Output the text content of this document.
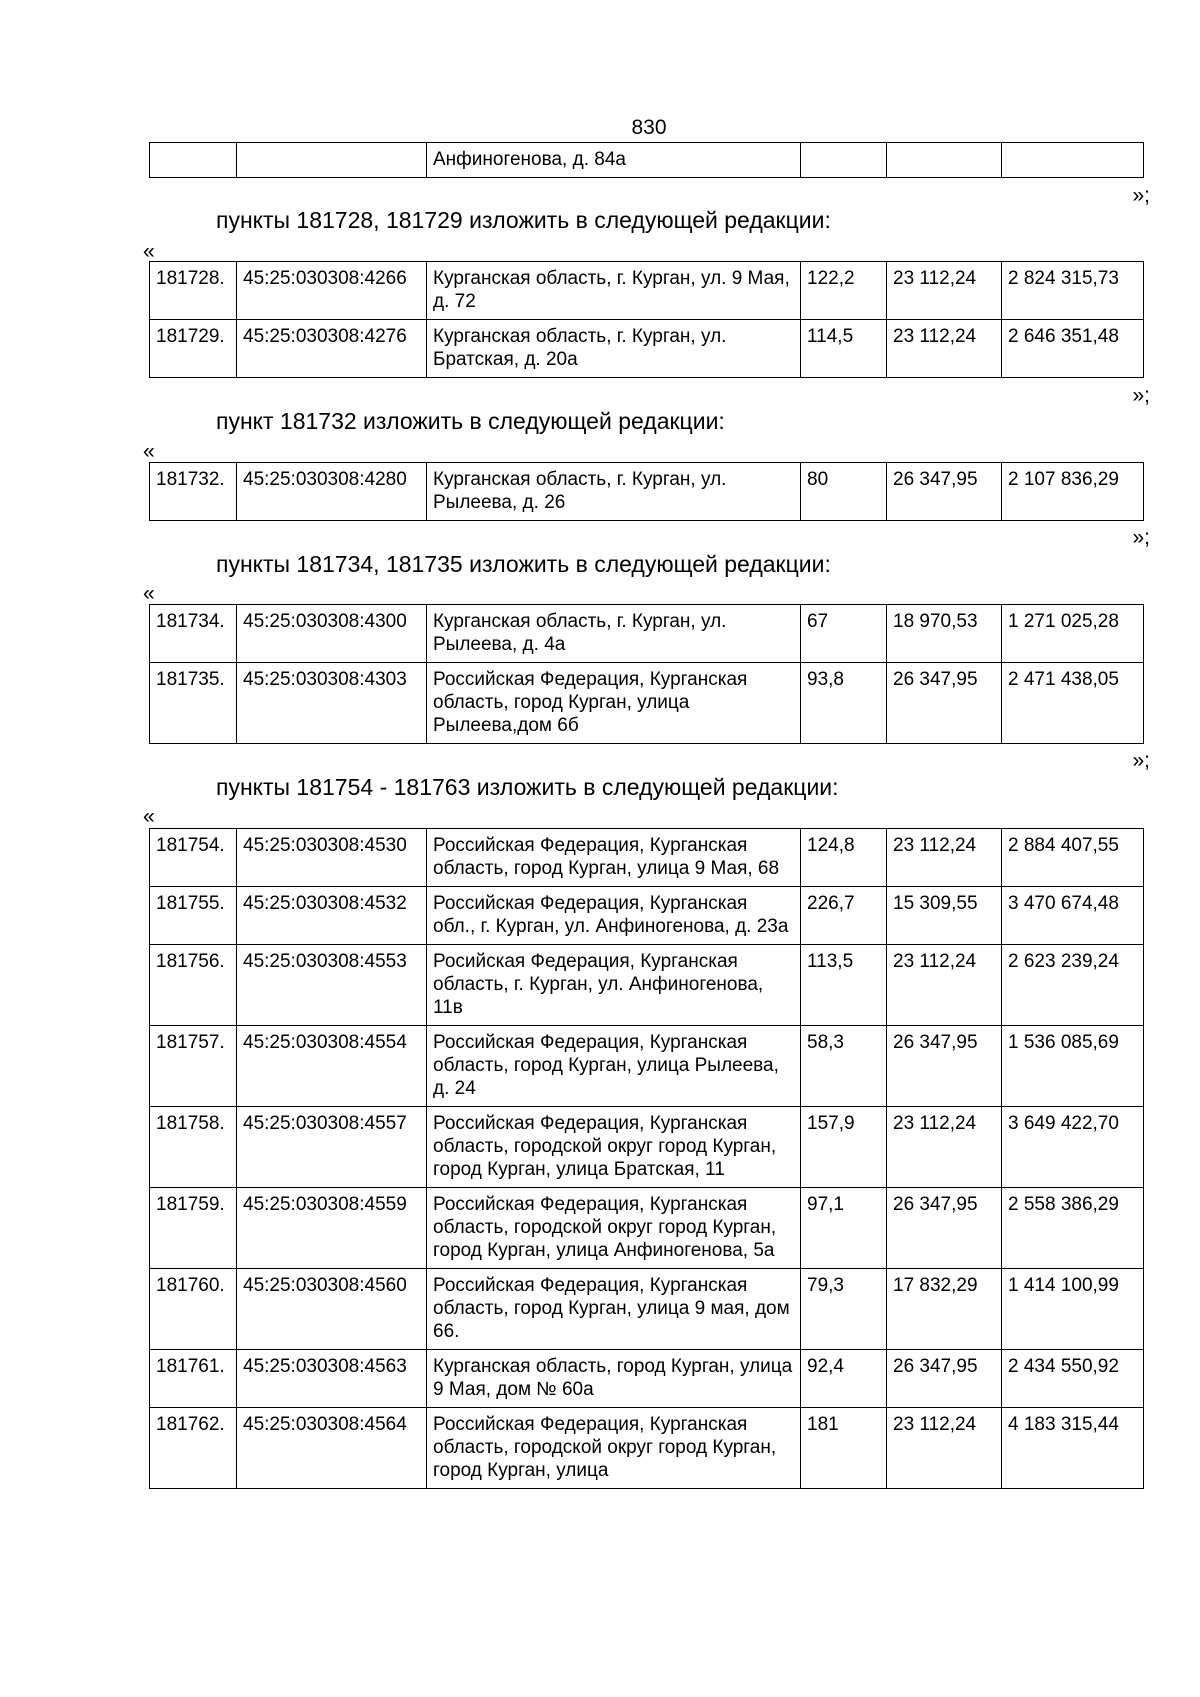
830
		Анфиногенова, д. 84а			
»;
пункты 181728, 181729 изложить в следующей редакции:
«
181728.	45:25:030308:4266	Курганская область, г. Курган, ул. 9 Мая, д. 72	122,2	23 112,24	2 824 315,73
181729.	45:25:030308:4276	Курганская область, г. Курган, ул. Братская, д. 20а	114,5	23 112,24	2 646 351,48
»;
пункт 181732 изложить в следующей редакции:
«
181732.	45:25:030308:4280	Курганская область, г. Курган, ул. Рылеева, д. 26	80	26 347,95	2 107 836,29
»;
пункты 181734, 181735 изложить в следующей редакции:
«
181734.	45:25:030308:4300	Курганская область, г. Курган, ул. Рылеева, д. 4а	67	18 970,53	1 271 025,28
181735.	45:25:030308:4303	Российская Федерация, Курганская область, город Курган, улица Рылеева,дом 6б	93,8	26 347,95	2 471 438,05
»;
пункты 181754 - 181763 изложить в следующей редакции:
«
181754.	45:25:030308:4530	Российская Федерация, Курганская область, город Курган, улица 9 Мая, 68	124,8	23 112,24	2 884 407,55
181755.	45:25:030308:4532	Российская Федерация, Курганская обл., г. Курган, ул. Анфиногенова, д. 23а	226,7	15 309,55	3 470 674,48
181756.	45:25:030308:4553	Росийская Федерация, Курганская область, г. Курган, ул. Анфиногенова, 11в	113,5	23 112,24	2 623 239,24
181757.	45:25:030308:4554	Российская Федерация, Курганская область, город Курган, улица Рылеева, д. 24	58,3	26 347,95	1 536 085,69
181758.	45:25:030308:4557	Российская Федерация, Курганская область, городской округ город Курган, город Курган, улица Братская, 11	157,9	23 112,24	3 649 422,70
181759.	45:25:030308:4559	Российская Федерация, Курганская область, городской округ город Курган, город Курган, улица Анфиногенова, 5а	97,1	26 347,95	2 558 386,29
181760.	45:25:030308:4560	Российская Федерация, Курганская область, город Курган, улица 9 мая, дом 66.	79,3	17 832,29	1 414 100,99
181761.	45:25:030308:4563	Курганская область, город Курган, улица 9 Мая, дом № 60а	92,4	26 347,95	2 434 550,92
181762.	45:25:030308:4564	Российская Федерация, Курганская область, городской округ город Курган, город Курган, улица	181	23 112,24	4 183 315,44
